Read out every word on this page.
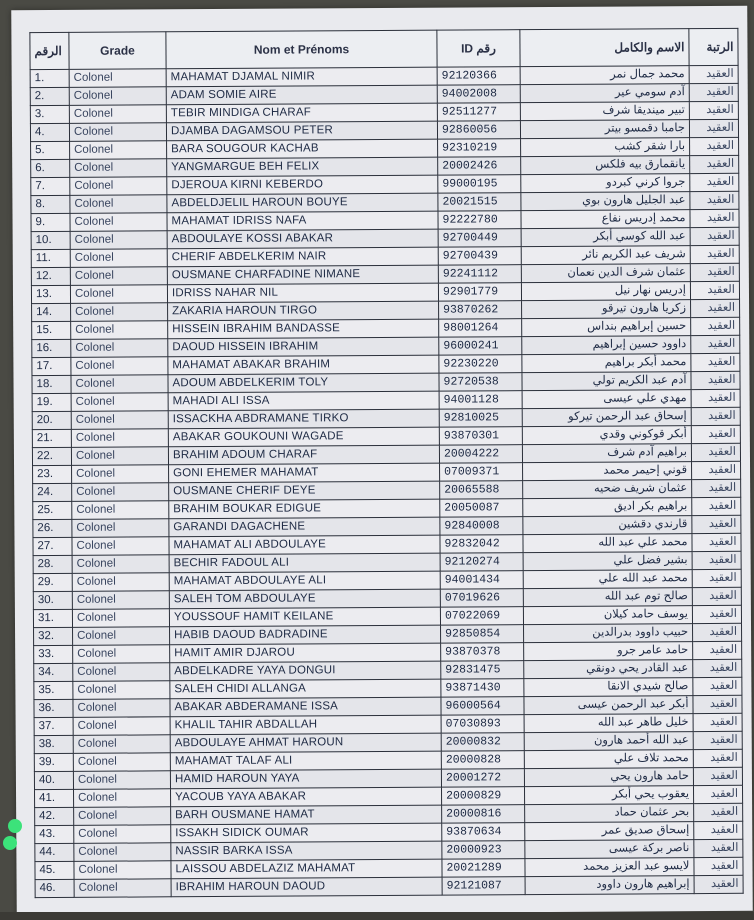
ﺍﻟﺮﻗﻢ	Grade	Nom et Prénoms	ID رقم	الاسم والكامل	الرتبة
1.	Colonel	MAHAMAT DJAMAL NIMIR	92120366	محمد جمال نمر	العقيد
2.	Colonel	ADAM SOMIE AIRE	94002008	آدم سومي عير	العقيد
3.	Colonel	TEBIR MINDIGA CHARAF	92511277	تبير مينديقا شرف	العقيد
4.	Colonel	DJAMBA DAGAMSOU PETER	92860056	جامبا دقمسو بيتر	العقيد
5.	Colonel	BARA SOUGOUR KACHAB	92310219	بارا شقر كشب	العقيد
6.	Colonel	YANGMARGUE BEH FELIX	20002426	يانقمارق بيه فلكس	العقيد
7.	Colonel	DJEROUA KIRNI KEBERDO	99000195	جروا كرني كبردو	العقيد
8.	Colonel	ABDELDJELIL HAROUN BOUYE	20021515	عبد الجليل هارون بوي	العقيد
9.	Colonel	MAHAMAT IDRISS NAFA	92222780	محمد إدريس نفاع	العقيد
10.	Colonel	ABDOULAYE KOSSI ABAKAR	92700449	عبد الله كوسي أبكر	العقيد
11.	Colonel	CHERIF ABDELKERIM NAIR	92700439	شريف عبد الكريم نائر	العقيد
12.	Colonel	OUSMANE CHARFADINE NIMANE	92241112	عثمان شرف الدين نعمان	العقيد
13.	Colonel	IDRISS NAHAR NIL	92901779	إدريس نهار نيل	العقيد
14.	Colonel	ZAKARIA HAROUN TIRGO	93870262	زكريا هارون تيرقو	العقيد
15.	Colonel	HISSEIN IBRAHIM BANDASSE	98001264	حسين إبراهيم بنداس	العقيد
16.	Colonel	DAOUD HISSEIN IBRAHIM	96000241	داوود حسين إبراهيم	العقيد
17.	Colonel	MAHAMAT ABAKAR BRAHIM	92230220	محمد أبكر براهيم	العقيد
18.	Colonel	ADOUM ABDELKERIM TOLY	92720538	آدم عبد الكريم تولي	العقيد
19.	Colonel	MAHADI ALI ISSA	94001128	مهدي علي عيسى	العقيد
20.	Colonel	ISSACKHA ABDRAMANE TIRKO	92810025	إسحاق عبد الرحمن تيركو	العقيد
21.	Colonel	ABAKAR GOUKOUNI WAGADE	93870301	أبكر قوكوني وقدي	العقيد
22.	Colonel	BRAHIM ADOUM CHARAF	20004222	براهيم آدم شرف	العقيد
23.	Colonel	GONI EHEMER MAHAMAT	07009371	قوني إحيمر محمد	العقيد
24.	Colonel	OUSMANE CHERIF DEYE	20065588	عثمان شريف ضحيه	العقيد
25.	Colonel	BRAHIM BOUKAR EDIGUE	20050087	براهيم بكر اديق	العقيد
26.	Colonel	GARANDI DAGACHENE	92840008	قارندي دقشين	العقيد
27.	Colonel	MAHAMAT ALI ABDOULAYE	92832042	محمد علي عبد الله	العقيد
28.	Colonel	BECHIR FADOUL ALI	92120274	بشير فضل علي	العقيد
29.	Colonel	MAHAMAT ABDOULAYE ALI	94001434	محمد عبد الله علي	العقيد
30.	Colonel	SALEH TOM ABDOULAYE	07019626	صالح توم عبد الله	العقيد
31.	Colonel	YOUSSOUF HAMIT KEILANE	07022069	يوسف حامد كيلان	العقيد
32.	Colonel	HABIB DAOUD BADRADINE	92850854	حبيب داوود بدرالدين	العقيد
33.	Colonel	HAMIT AMIR DJAROU	93870378	حامد عامر جرو	العقيد
34.	Colonel	ABDELKADRE YAYA DONGUI	92831475	عبد القادر يحي دونقي	العقيد
35.	Colonel	SALEH CHIDI ALLANGA	93871430	صالح شيدي الانقا	العقيد
36.	Colonel	ABAKAR ABDERAMANE ISSA	96000564	أبكر عبد الرحمن عيسى	العقيد
37.	Colonel	KHALIL TAHIR ABDALLAH	07030893	خليل طاهر عبد الله	العقيد
38.	Colonel	ABDOULAYE AHMAT HAROUN	20000832	عبد الله أحمد هارون	العقيد
39.	Colonel	MAHAMAT TALAF ALI	20000828	محمد تلاف علي	العقيد
40.	Colonel	HAMID HAROUN YAYA	20001272	حامد هارون يحي	العقيد
41.	Colonel	YACOUB YAYA ABAKAR	20000829	يعقوب يحي أبكر	العقيد
42.	Colonel	BARH OUSMANE HAMAT	20000816	بحر عثمان حماد	العقيد
43.	Colonel	ISSAKH SIDICK OUMAR	93870634	إسحاق صديق عمر	العقيد
44.	Colonel	NASSIR BARKA ISSA	20000923	ناصر بركة عيسى	العقيد
45.	Colonel	LAISSOU ABDELAZIZ MAHAMAT	20021289	لايسو عبد العزيز محمد	العقيد
46.	Colonel	IBRAHIM HAROUN DAOUD	92121087	إبراهيم هارون داوود	العقيد
